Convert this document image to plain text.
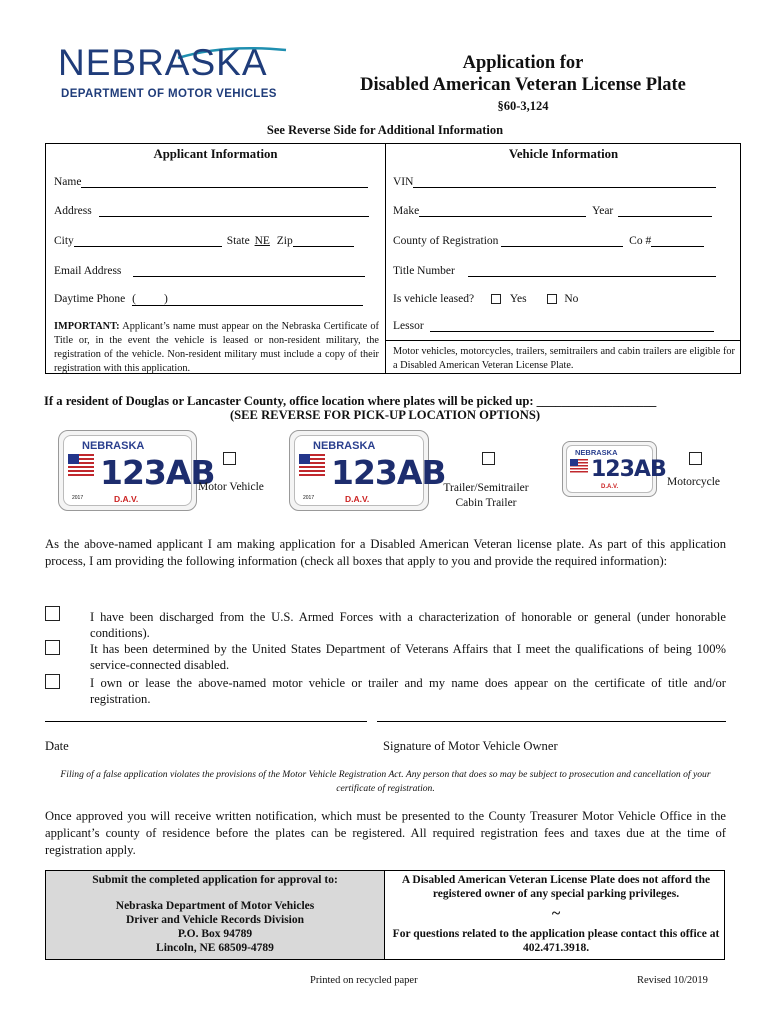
NEBRASKA
DEPARTMENT OF MOTOR VEHICLES
Application for
Disabled American Veteran License Plate
§60-3,124
See Reverse Side for Additional Information
Applicant Information
Name
Address
City	State NE Zip
Email Address
Daytime Phone ( )
IMPORTANT: Applicant’s name must appear on the Nebraska Certificate of Title or, in the event the vehicle is leased or non-resident military, the registration of the vehicle. Non-resident military must include a copy of their registration with this application.
Vehicle Information
VIN
Make	Year
County of Registration	Co #
Title Number
Is vehicle leased?	Yes	No
Lessor
Motor vehicles, motorcycles, trailers, semitrailers and cabin trailers are eligible for a Disabled American Veteran License Plate.
If a resident of Douglas or Lancaster County, office location where plates will be picked up: ___________________
(SEE REVERSE FOR PICK-UP LOCATION OPTIONS)
NEBRASKA
123AB
D.A.V.
2017
Motor Vehicle
NEBRASKA
123AB
D.A.V.
2017
Trailer/Semitrailer
Cabin Trailer
NEBRASKA
123AB
D.A.V.	Motorcycle
As the above-named applicant I am making application for a Disabled American Veteran license plate. As part of this application process, I am providing the following information (check all boxes that apply to you and provide the required information):
I have been discharged from the U.S. Armed Forces with a characterization of honorable or general (under honorable conditions).
It has been determined by the United States Department of Veterans Affairs that I meet the qualifications of being 100% service-connected disabled.
I own or lease the above-named motor vehicle or trailer and my name does appear on the certificate of title and/or registration.
Date	Signature of Motor Vehicle Owner
Filing of a false application violates the provisions of the Motor Vehicle Registration Act. Any person that does so may be subject to prosecution and cancellation of your certificate of registration.
Once approved you will receive written notification, which must be presented to the County Treasurer Motor Vehicle Office in the applicant’s county of residence before the plates can be registered. All required registration fees and taxes due at the time of registration apply.
Submit the completed application for approval to:
Nebraska Department of Motor Vehicles
Driver and Vehicle Records Division
P.O. Box 94789
Lincoln, NE 68509-4789
A Disabled American Veteran License Plate does not afford the registered owner of any special parking privileges.
~
For questions related to the application please contact this office at 402.471.3918.
Printed on recycled paper	Revised 10/2019
